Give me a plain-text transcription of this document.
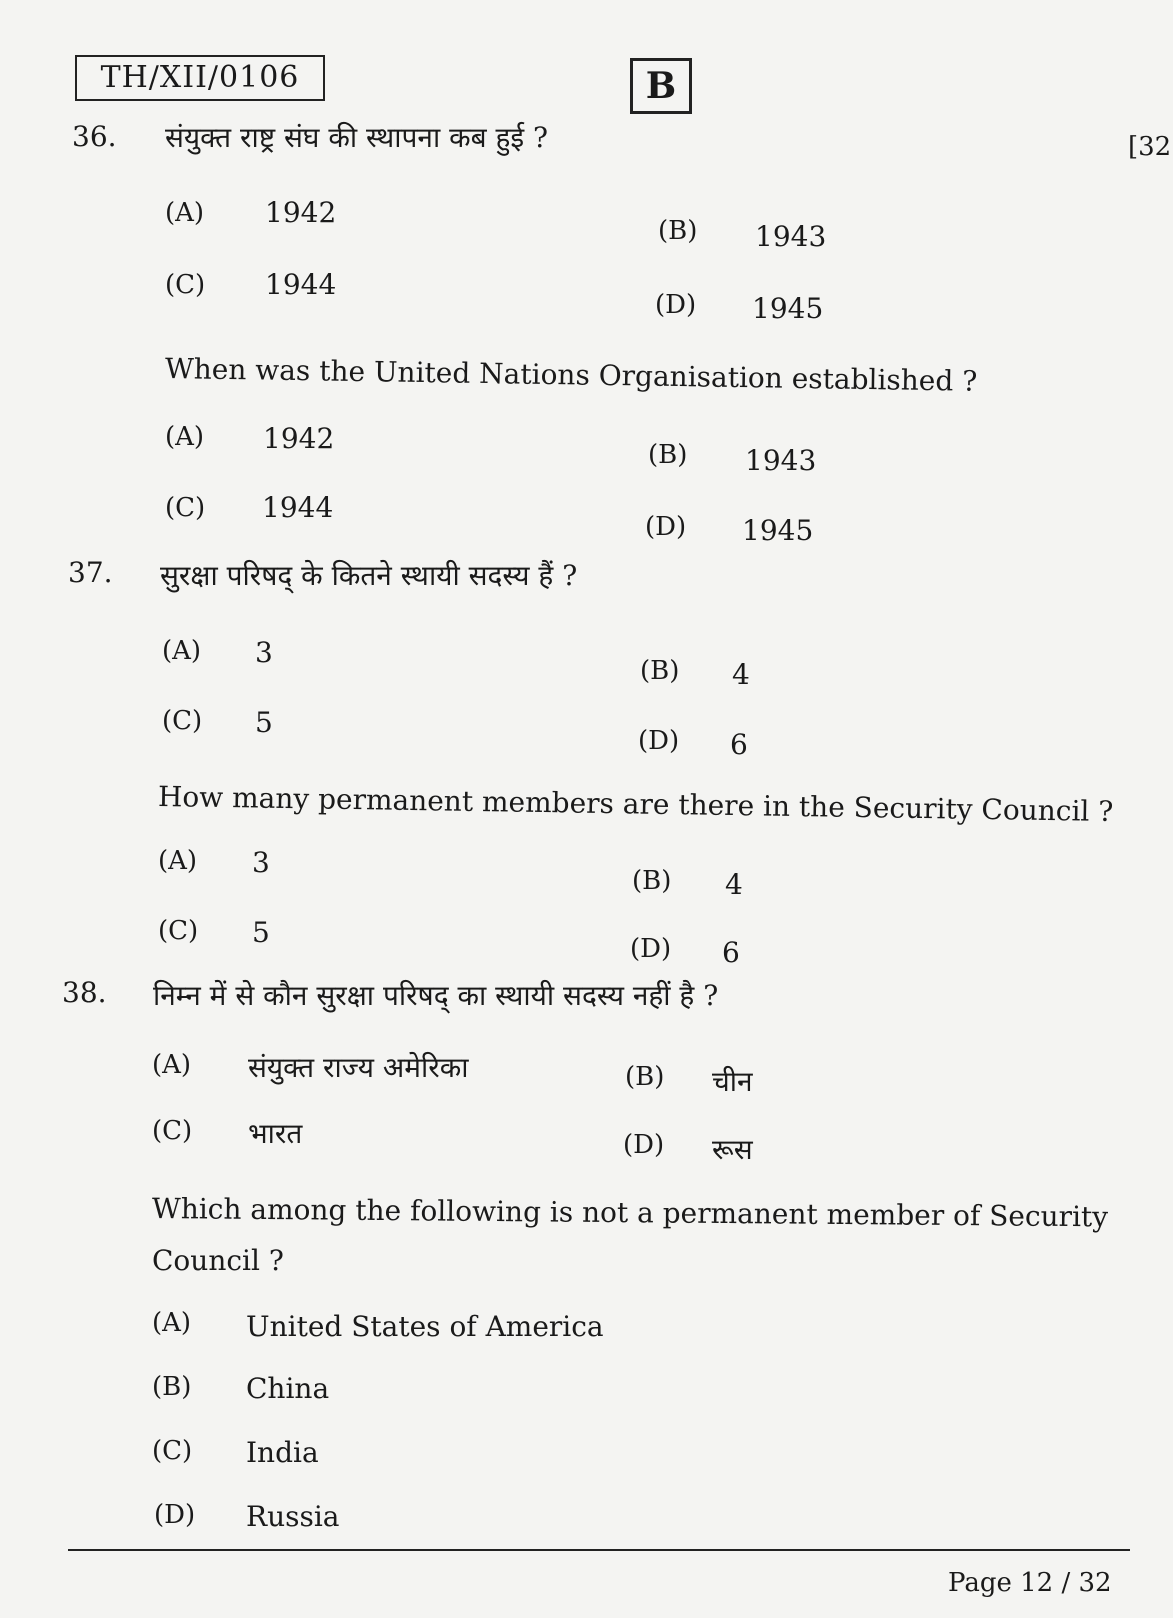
TH/XII/0106	B
[32
36. संयुक्त राष्ट्र संघ की स्थापना कब हुई ?
(A) 1942
(B) 1943
(C) 1944
(D) 1945
When was the United Nations Organisation established ?
(A) 1942	(B) 1943
(C) 1944
(D) 1945
37. सुरक्षा परिषद् के कितने स्थायी सदस्य हैं ?
(A) 3
(B) 4
(C) 5
(D) 6
How many permanent members are there in the Security Council ?
(A) 3
(B) 4
(C) 5	(D) 6
38. निम्न में से कौन सुरक्षा परिषद् का स्थायी सदस्य नहीं है ?
(A) संयुक्त राज्य अमेरिका	(B) चीन
(C) भारत	(D) रूस
Which among the following is not a permanent member of Security
Council ?
(A) United States of America
(B) China
(C) India
(D) Russia
Page 12 / 32
